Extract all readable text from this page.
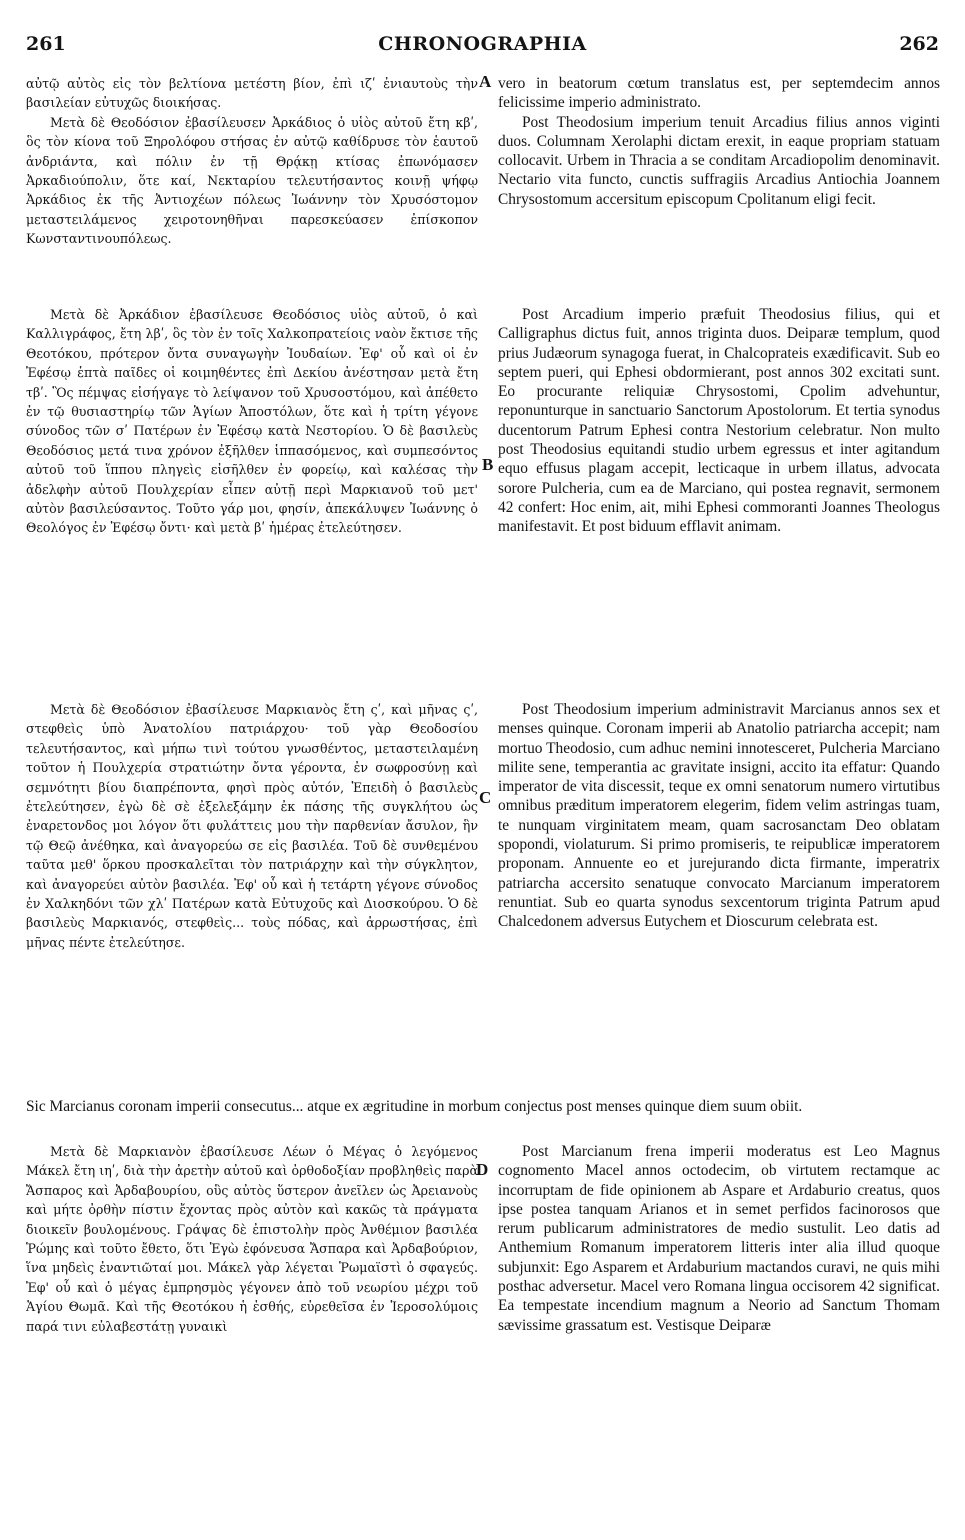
261	CHRONOGRAPHIA	262

αὐτῷ αὐτὸς εἰς τὸν βελτίονα μετέστη βίον, ἐπὶ ιζʹ ἐνιαυτοὺς τὴν βασιλείαν εὐτυχῶς διοικήσας.

Μετὰ δὲ Θεοδόσιον ἐβασίλευσεν Ἀρκάδιος ὁ υἱὸς αὐτοῦ ἔτη κβʹ, ὃς τὸν κίονα τοῦ Ξηρολόφου στήσας ἐν αὐτῷ καθίδρυσε τὸν ἑαυτοῦ ἀνδριάντα, καὶ πόλιν ἐν τῇ Θρᾴκῃ κτίσας ἐπωνόμασεν Ἀρκαδιούπολιν, ὅτε καί, Νεκταρίου τελευτήσαντος κοινῇ ψήφῳ Ἀρκάδιος ἐκ τῆς Ἀντιοχέων πόλεως Ἰωάννην τὸν Χρυσόστομον μεταστειλάμενος χειροτονηθῆναι παρεσκεύασεν ἐπίσκοπον Κωνσταντινουπόλεως.

vero in beatorum cœtum translatus est, per septemdecim annos felicissime imperio administrato.

Post Theodosium imperium tenuit Arcadius filius annos viginti duos. Columnam Xerolaphi dictam erexit, in eaque propriam statuam collocavit. Urbem in Thracia a se conditam Arcadiopolim denominavit. Nectario vita functo, cunctis suffragiis Arcadius Antiochia Joannem Chrysostomum accersitum episcopum Cpolitanum eligi fecit.

A

Μετὰ δὲ Ἀρκάδιον ἐβασίλευσε Θεοδόσιος υἱὸς αὐτοῦ, ὁ καὶ Καλλιγράφος, ἔτη λβʹ, ὃς τὸν ἐν τοῖς Χαλκοπρατείοις ναὸν ἔκτισε τῆς Θεοτόκου, πρότερον ὄντα συναγωγὴν Ἰουδαίων. Ἐφ' οὗ καὶ οἱ ἐν Ἐφέσῳ ἑπτὰ παῖδες οἱ κοιμηθέντες ἐπὶ Δεκίου ἀνέστησαν μετὰ ἔτη τβʹ. Ὃς πέμψας εἰσήγαγε τὸ λείψανον τοῦ Χρυσοστόμου, καὶ ἀπέθετο ἐν τῷ θυσιαστηρίῳ τῶν Ἁγίων Ἀποστόλων, ὅτε καὶ ἡ τρίτη γέγονε σύνοδος τῶν σʹ Πατέρων ἐν Ἐφέσῳ κατὰ Νεστορίου. Ὁ δὲ βασιλεὺς Θεοδόσιος μετά τινα χρόνον ἐξῆλθεν ἱππασόμενος, καὶ συμπεσόντος αὐτοῦ τοῦ ἵππου πληγεὶς εἰσῆλθεν ἐν φορείῳ, καὶ καλέσας τὴν ἀδελφὴν αὐτοῦ Πουλχερίαν εἶπεν αὐτῇ περὶ Μαρκιανοῦ τοῦ μετ' αὐτὸν βασιλεύσαντος. Τοῦτο γάρ μοι, φησίν, ἀπεκάλυψεν Ἰωάννης ὁ Θεολόγος ἐν Ἐφέσῳ ὄντι· καὶ μετὰ βʹ ἡμέρας ἐτελεύτησεν.

Post Arcadium imperio præfuit Theodosius filius, qui et Calligraphus dictus fuit, annos triginta duos. Deiparæ templum, quod prius Judæorum synagoga fuerat, in Chalcoprateis exædificavit. Sub eo septem pueri, qui Ephesi obdormierant, post annos 302 excitati sunt. Eo procurante reliquiæ Chrysostomi, Cpolim advehuntur, reponunturque in sanctuario Sanctorum Apostolorum. Et tertia synodus ducentorum Patrum Ephesi contra Nestorium celebratur. Non multo post Theodosius equitandi studio urbem egressus et inter agitandum equo effusus plagam accepit, lecticaque in urbem illatus, advocata sorore Pulcheria, cum ea de Marciano, qui postea regnavit, sermonem 42 confert: Hoc enim, ait, mihi Ephesi commoranti Joannes Theologus manifestavit. Et post biduum efflavit animam.

B

Μετὰ δὲ Θεοδόσιον ἐβασίλευσε Μαρκιανὸς ἔτη ςʹ, καὶ μῆνας ςʹ, στεφθεὶς ὑπὸ Ἀνατολίου πατριάρχου· τοῦ γὰρ Θεοδοσίου τελευτήσαντος, καὶ μήπω τινὶ τούτου γνωσθέντος, μεταστειλαμένη τοῦτον ἡ Πουλχερία στρατιώτην ὄντα γέροντα, ἐν σωφροσύνῃ καὶ σεμνότητι βίου διαπρέποντα, φησὶ πρὸς αὐτόν, Ἐπειδὴ ὁ βασιλεὺς ἐτελεύτησεν, ἐγὼ δὲ σὲ ἐξελεξάμην ἐκ πάσης τῆς συγκλήτου ὡς ἐναρετονδος μοι λόγον ὅτι φυλάττεις μου τὴν παρθενίαν ἄσυλον, ἣν τῷ Θεῷ ἀνέθηκα, καὶ ἀναγορεύω σε εἰς βασιλέα. Τοῦ δὲ συνθεμένου ταῦτα μεθ' ὅρκου προσκαλεῖται τὸν πατριάρχην καὶ τὴν σύγκλητον, καὶ ἀναγορεύει αὐτὸν βασιλέα. Ἐφ' οὗ καὶ ἡ τετάρτη γέγονε σύνοδος ἐν Χαλκηδόνι τῶν χλʹ Πατέρων κατὰ Εὐτυχοῦς καὶ Διοσκούρου. Ὁ δὲ βασιλεὺς Μαρκιανός, στεφθεὶς... τοὺς πόδας, καὶ ἀρρωστήσας, ἐπὶ μῆνας πέντε ἐτελεύτησε.

Post Theodosium imperium administravit Marcianus annos sex et menses quinque. Coronam imperii ab Anatolio patriarcha accepit; nam mortuo Theodosio, cum adhuc nemini innotesceret, Pulcheria Marciano milite sene, temperantia ac gravitate insigni, accito ita effatur: Quando imperator de vita discessit, teque ex omni senatorum numero virtutibus omnibus præditum imperatorem elegerim, fidem velim astringas tuam, te nunquam virginitatem meam, quam sacrosanctam Deo oblatam spopondi, violaturum. Si primo promiseris, te reipublicæ imperatorem proponam. Annuente eo et jurejurando dicta firmante, imperatrix patriarcha accersito senatuque convocato Marcianum imperatorem renuntiat. Sub eo quarta synodus sexcentorum triginta Patrum apud Chalcedonem adversus Eutychem et Dioscurum celebrata est.

C

Sic Marcianus coronam imperii consecutus... atque ex ægritudine in morbum conjectus post menses quinque diem suum obiit.

Μετὰ δὲ Μαρκιανὸν ἐβασίλευσε Λέων ὁ Μέγας ὁ λεγόμενος Μάκελ ἔτη ιηʹ, διὰ τὴν ἀρετὴν αὐτοῦ καὶ ὀρθοδοξίαν προβληθεὶς παρὰ Ἄσπαρος καὶ Ἀρδαβουρίου, οὓς αὐτὸς ὕστερον ἀνεῖλεν ὡς Ἀρειανοὺς καὶ μήτε ὀρθὴν πίστιν ἔχοντας πρὸς αὐτὸν καὶ κακῶς τὰ πράγματα διοικεῖν βουλομένους. Γράψας δὲ ἐπιστολὴν πρὸς Ἀνθέμιον βασιλέα Ῥώμης καὶ τοῦτο ἔθετο, ὅτι Ἐγὼ ἐφόνευσα Ἄσπαρα καὶ Ἀρδαβούριον, ἵνα μηδεὶς ἐναντιῶταί μοι. Μάκελ γὰρ λέγεται Ῥωμαϊστὶ ὁ σφαγεύς. Ἐφ' οὗ καὶ ὁ μέγας ἐμπρησμὸς γέγονεν ἀπὸ τοῦ νεωρίου μέχρι τοῦ Ἁγίου Θωμᾶ. Καὶ τῆς Θεοτόκου ἡ ἐσθής, εὑρεθεῖσα ἐν Ἱεροσολύμοις παρά τινι εὐλαβεστάτῃ γυναικὶ

Post Marcianum frena imperii moderatus est Leo Magnus cognomento Macel annos octodecim, ob virtutem rectamque ac incorruptam de fide opinionem ab Aspare et Ardaburio creatus, quos ipse postea tanquam Arianos et in semet perfidos facinorosos que rerum publicarum administratores de medio sustulit. Leo datis ad Anthemium Romanum imperatorem litteris inter alia illud quoque subjunxit: Ego Asparem et Ardaburium mactandos curavi, ne quis mihi posthac adversetur. Macel vero Romana lingua occisorem 42 significat. Ea tempestate incendium magnum a Neorio ad Sanctum Thomam sævissime grassatum est. Vestisque Deiparæ

D
